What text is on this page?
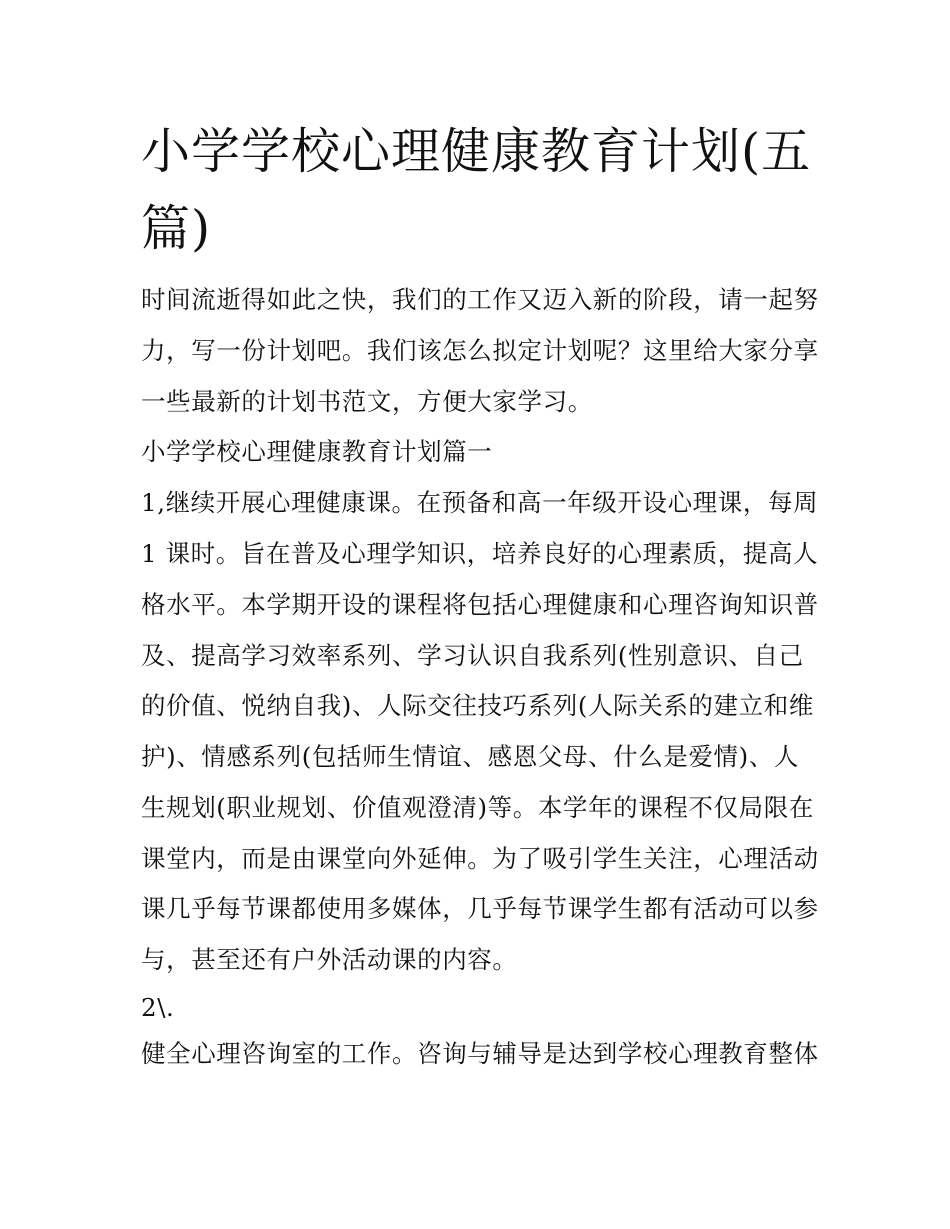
小学学校心理健康教育计划(五
篇)
时间流逝得如此之快，我们的工作又迈入新的阶段，请一起努
力，写一份计划吧。我们该怎么拟定计划呢？这里给大家分享
一些最新的计划书范文，方便大家学习。
小学学校心理健康教育计划篇一
1,继续开展心理健康课。在预备和高一年级开设心理课，每周
1 课时。旨在普及心理学知识，培养良好的心理素质，提高人
格水平。本学期开设的课程将包括心理健康和心理咨询知识普
及、提高学习效率系列、学习认识自我系列(性别意识、自己
的价值、悦纳自我)、人际交往技巧系列(人际关系的建立和维
护)、情感系列(包括师生情谊、感恩父母、什么是爱情)、人
生规划(职业规划、价值观澄清)等。本学年的课程不仅局限在
课堂内，而是由课堂向外延伸。为了吸引学生关注，心理活动
课几乎每节课都使用多媒体，几乎每节课学生都有活动可以参
与，甚至还有户外活动课的内容。
2\.
健全心理咨询室的工作。咨询与辅导是达到学校心理教育整体
